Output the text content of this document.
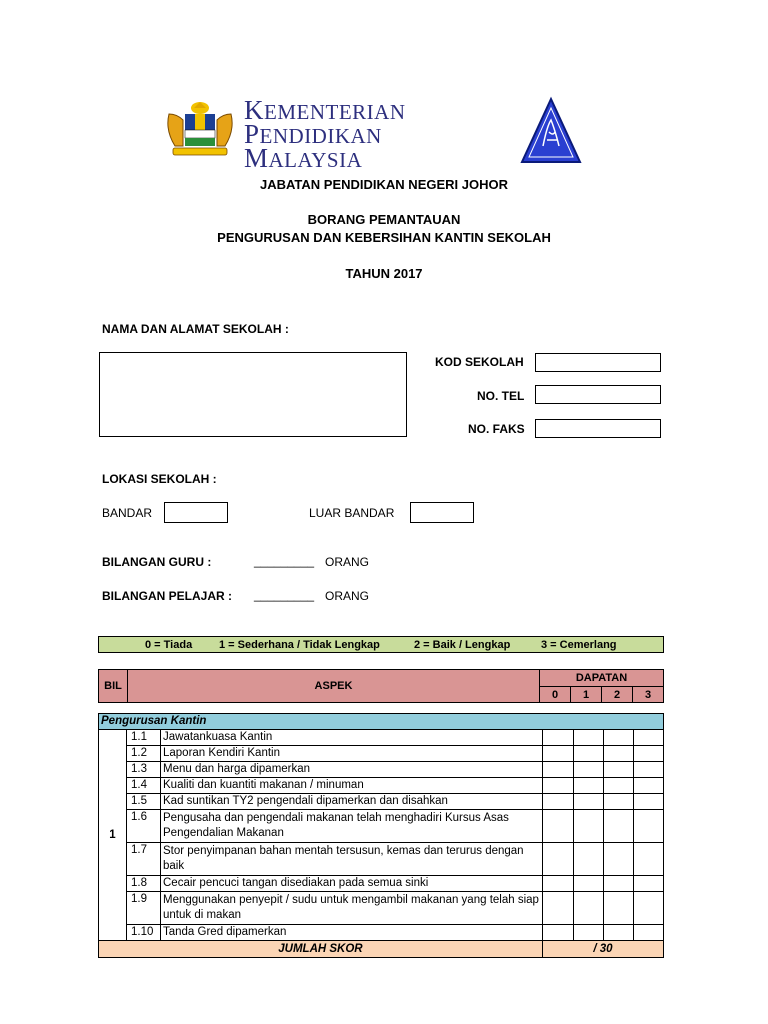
KEMENTERIAN
PENDIDIKAN
MALAYSIA
JABATAN PENDIDIKAN NEGERI JOHOR
BORANG PEMANTAUAN
PENGURUSAN DAN KEBERSIHAN KANTIN SEKOLAH
TAHUN 2017
NAMA DAN ALAMAT SEKOLAH :
KOD SEKOLAH
NO. TEL
NO. FAKS
LOKASI SEKOLAH :
BANDAR	LUAR BANDAR
BILANGAN GURU :	_________ ORANG
BILANGAN PELAJAR : _________ ORANG
0 = Tiada 1 = Sederhana / Tidak Lengkap	2 = Baik / Lengkap	3 = Cemerlang
BIL	ASPEK	DAPATAN			
		0	1	2	3
Pengurusan Kantin						
1	1.1	Jawatankuasa Kantin				
	1.2	Laporan Kendiri Kantin				
	1.3	Menu dan harga dipamerkan				
	1.4	Kualiti dan kuantiti makanan / minuman				
	1.5	Kad suntikan TY2 pengendali dipamerkan dan disahkan				
	1.6	Pengusaha dan pengendali makanan telah menghadiri Kursus Asas Pengendalian Makanan				
	1.7	Stor penyimpanan bahan mentah tersusun, kemas dan terurus dengan baik				
	1.8	Cecair pencuci tangan disediakan pada semua sinki				
	1.9	Menggunakan penyepit / sudu untuk mengambil makanan yang telah siap untuk di makan				
	1.10	Tanda Gred dipamerkan				
JUMLAH SKOR			/ 30			
